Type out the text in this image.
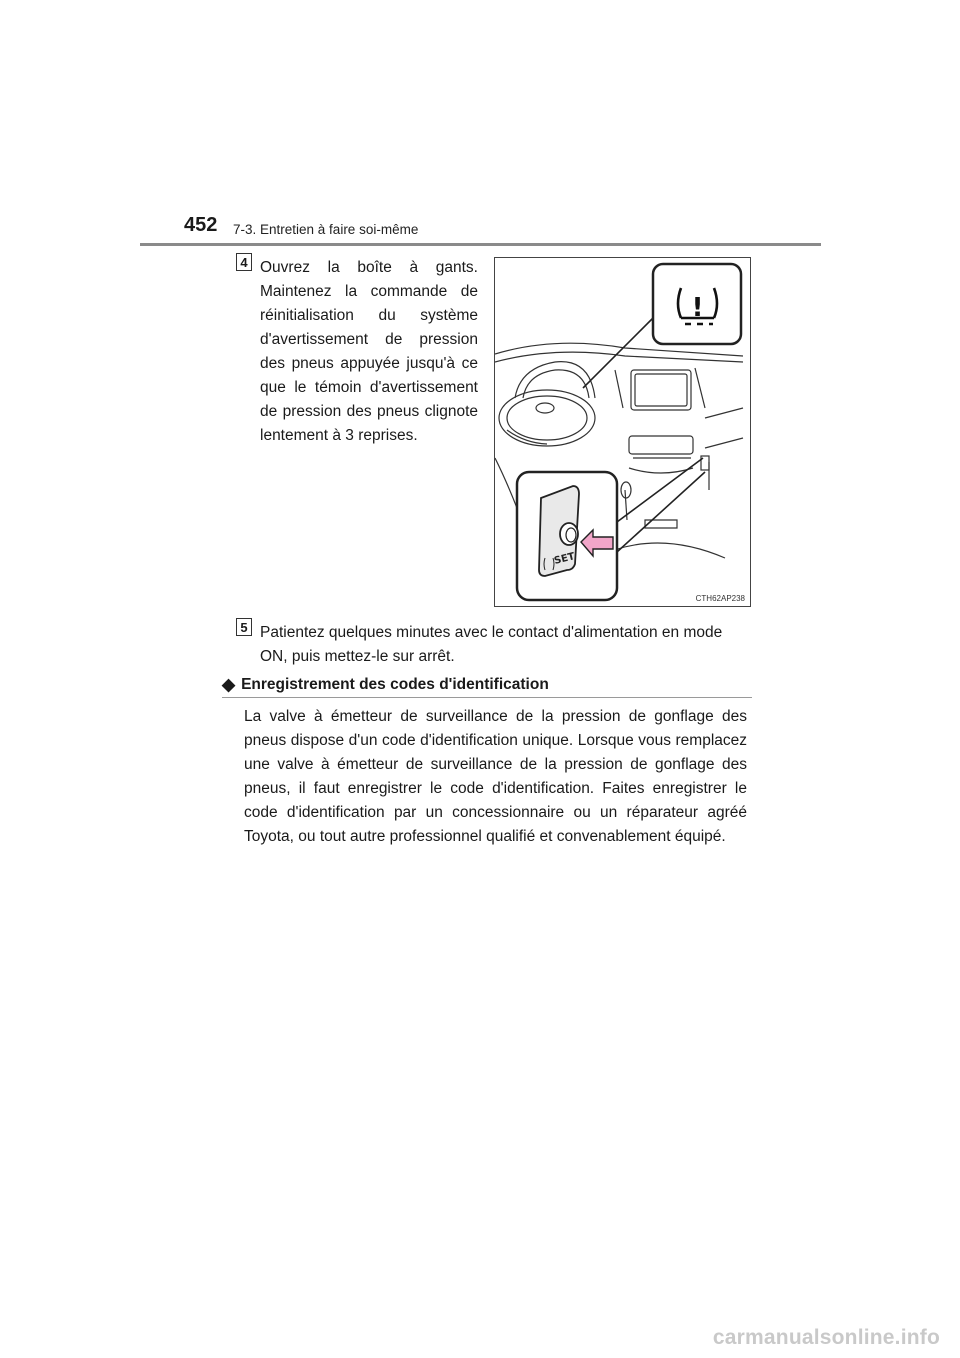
452 7-3. Entretien à faire soi-même
4 Ouvrez la boîte à gants. Maintenez la commande de réinitialisation du système d'avertissement de pression des pneus appuyée jusqu'à ce que le témoin d'avertissement de pression des pneus clignote lentement à 3 reprises.
!
SET
CTH62AP238
5 Patientez quelques minutes avec le contact d'alimentation en mode ON, puis mettez-le sur arrêt.
◆ Enregistrement des codes d'identification
La valve à émetteur de surveillance de la pression de gonflage des pneus dispose d'un code d'identification unique. Lorsque vous remplacez une valve à émetteur de surveillance de la pression de gonflage des pneus, il faut enregistrer le code d'identification. Faites enregistrer le code d'identification par un concessionnaire ou un réparateur agréé Toyota, ou tout autre professionnel qualifié et convenablement équipé.
carmanualsonline.info
